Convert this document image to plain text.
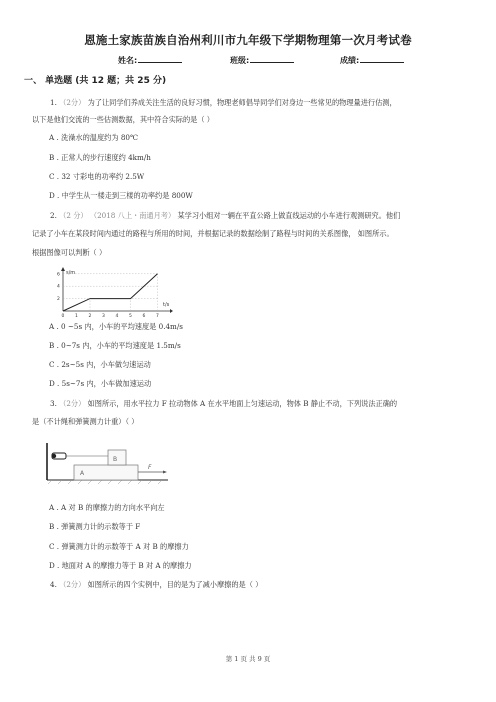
恩施土家族苗族自治州利川市九年级下学期物理第一次月考试卷
姓名:	班级:	成绩:
一、 单选题 (共 12 题；共 25 分)
1. （2分） 为了让同学们养成关注生活的良好习惯，物理老师倡导同学们对身边一些常见的物理量进行估测，
以下是他们交流的一些估测数据，其中符合实际的是（ ）
A . 洗澡水的温度约为 80℃
B . 正常人的步行速度约 4km/h
C . 32 寸彩电的功率约 2.5W
D . 中学生从一楼走到三楼的功率约是 800W
2. （2 分） （2018 八上・南通月考） 某学习小组对一辆在平直公路上做直线运动的小车进行观测研究。他们
记录了小车在某段时间内通过的路程与所用的时间，并根据记录的数据绘制了路程与时间的关系图像， 如图所示。
根据图像可以判断（ ）
s/m
t/s
0 1 2 3 4 5 6 7
6
4
2
A . 0 ~5s 内，小车的平均速度是 0.4m/s
B . 0~7s 内，小车的平均速度是 1.5m/s
C . 2s~5s 内，小车做匀速运动
D . 5s~7s 内，小车做加速运动
3. （2分） 如图所示，用水平拉力 F 拉动物体 A 在水平地面上匀速运动，物体 B 静止不动，下列说法正确的
是（不计绳和弹簧测力计重）（ ）
B
A
F
A . A 对 B 的摩擦力的方向水平向左
B . 弹簧测力计的示数等于 F
C . 弹簧测力计的示数等于 A 对 B 的摩擦力
D . 地面对 A 的摩擦力等于 B 对 A 的摩擦力
4. （2分） 如图所示的四个实例中，目的是为了减小摩擦的是（ ）
第 1 页 共 9 页
